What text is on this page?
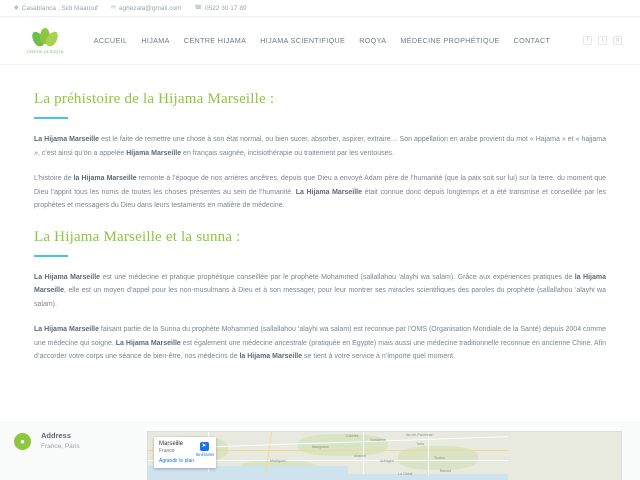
◆ Casablanca , Sidi Maarouf ✉ aghezala@gmail.com ☎ 0522 30 17 89
CENTRE LA ROQYA
ACCUEIL HIJAMA CENTRE HIJAMA HIJAMA SCIENTIFIQUE ROQYA MÉDECINE PROPHÉTIQUE CONTACT	f	t	g
La préhistoire de la Hijama Marseille :

La Hijama Marseille est le faite de remettre une chose à son état normal, ou bien sucer, absorber, aspirer, extraire… Son appellation en arabe provient du mot « Hajama » et « hajjama », c’est ainsi qu’on a appelée Hijama Marseille en français saignée, incisiothérapie ou traitement par les ventouses.

L’histoire de la Hijama Marseille remonte à l’époque de nos arrières ancêtres, depuis que Dieu a envoyé Adam père de l’humanité (que la paix soit sur lui) sur la terre, du moment que Dieu l’apprit tous les noms de toutes les choses présentes au sein de l’humanité. La Hijama Marseille était connue donc depuis longtemps et a été transmise et conseillée par les prophètes et messagers du Dieu dans leurs testaments en matière de médecine.

La Hijama Marseille et la sunna :

La Hijama Marseille est une médecine et pratique prophétique conseillée par le prophète Mohammed (sallallahou ‘alayhi wa salam). Grâce aux expériences pratiques de la Hijama Marseille, elle est un moyen d’appel pour les non-musulmans à Dieu et à son messager, pour leur montrer ses miracles scientifiques des paroles du prophète (sallallahou ‘alayhi wa salam).

La Hijama Marseille faisant partie de la Sunna du prophète Mohammed (sallallahou ‘alayhi wa salam) est reconnue par l’OMS (Organisation Mondiale de la Santé) depuis 2004 comme une médecine qui soigne. La Hijama Marseille est également une médecine ancestrale (pratiquée en Egypte) mais aussi une médecine traditionnelle reconnue en ancienne Chine. Afin d’accorder votre corps une séance de bien-être, nos médecins de la Hijama Marseille se tient à votre service à n’importe quel moment.

●
Address
France, Paris
Cabriès
Trets
Marignane
Gardanne
Aubagne
Toulon
Allauch
Martigues
La Ciotat
Bandol
Aix-en-Provence
Marseille
France
Agrandir le plan
➤
Itinéraires
